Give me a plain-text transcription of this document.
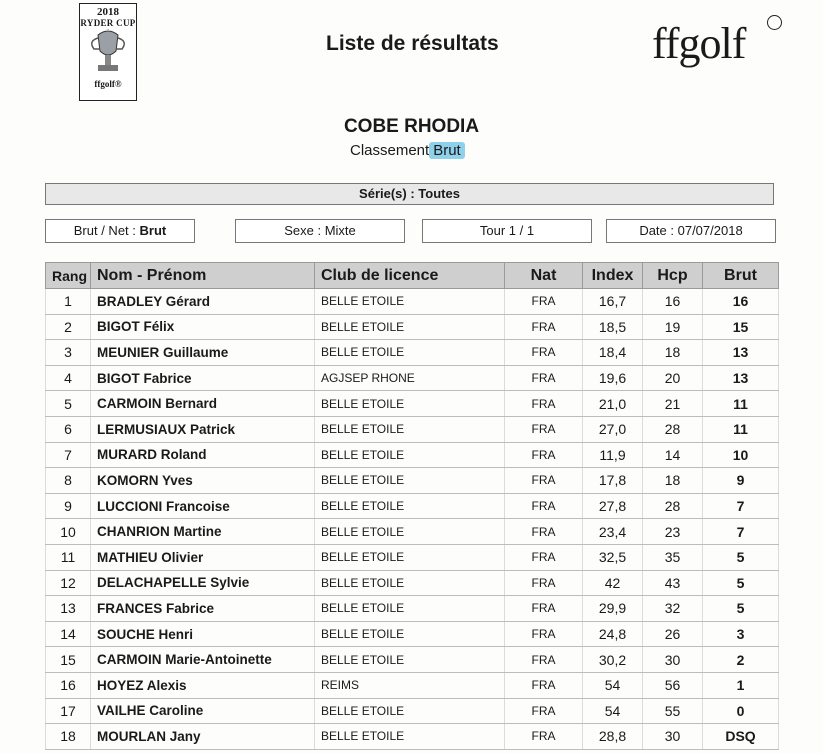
2018
RYDER CUP
ffgolf®
Liste de résultats	ffgolf
COBE RHODIA
Classement Brut
Série(s) : Toutes
Brut / Net : Brut	Sexe : Mixte	Tour 1 / 1	Date : 07/07/2018
Rang	Nom - Prénom	Club de licence	Nat	Index	Hcp	Brut
1	BRADLEY Gérard	BELLE ETOILE	FRA	16,7	16	16
2	BIGOT Félix	BELLE ETOILE	FRA	18,5	19	15
3	MEUNIER Guillaume	BELLE ETOILE	FRA	18,4	18	13
4	BIGOT Fabrice	AGJSEP RHONE	FRA	19,6	20	13
5	CARMOIN Bernard	BELLE ETOILE	FRA	21,0	21	11
6	LERMUSIAUX Patrick	BELLE ETOILE	FRA	27,0	28	11
7	MURARD Roland	BELLE ETOILE	FRA	11,9	14	10
8	KOMORN Yves	BELLE ETOILE	FRA	17,8	18	9
9	LUCCIONI Francoise	BELLE ETOILE	FRA	27,8	28	7
10	CHANRION Martine	BELLE ETOILE	FRA	23,4	23	7
11	MATHIEU Olivier	BELLE ETOILE	FRA	32,5	35	5
12	DELACHAPELLE Sylvie	BELLE ETOILE	FRA	42	43	5
13	FRANCES Fabrice	BELLE ETOILE	FRA	29,9	32	5
14	SOUCHE Henri	BELLE ETOILE	FRA	24,8	26	3
15	CARMOIN Marie-Antoinette	BELLE ETOILE	FRA	30,2	30	2
16	HOYEZ Alexis	REIMS	FRA	54	56	1
17	VAILHE Caroline	BELLE ETOILE	FRA	54	55	0
18	MOURLAN Jany	BELLE ETOILE	FRA	28,8	30	DSQ
